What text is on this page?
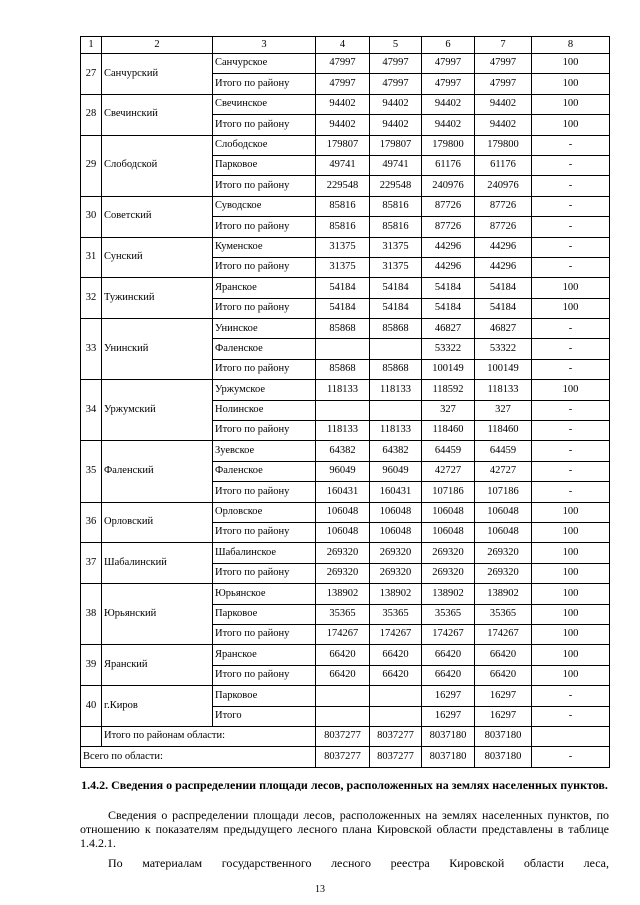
1	2	3	4	5	6	7	8
27	Санчурский	Санчурское	47997	47997	47997	47997	100
		Итого по району	47997	47997	47997	47997	100
28	Свечинский	Свечинское	94402	94402	94402	94402	100
		Итого по району	94402	94402	94402	94402	100
29	Слободской	Слободское	179807	179807	179800	179800	-
		Парковое	49741	49741	61176	61176	-
		Итого по району	229548	229548	240976	240976	-
30	Советский	Суводское	85816	85816	87726	87726	-
		Итого по району	85816	85816	87726	87726	-
31	Сунский	Куменское	31375	31375	44296	44296	-
		Итого по району	31375	31375	44296	44296	-
32	Тужинский	Яранское	54184	54184	54184	54184	100
		Итого по району	54184	54184	54184	54184	100
33	Унинский	Унинское	85868	85868	46827	46827	-
		Фаленское			53322	53322	-
		Итого по району	85868	85868	100149	100149	-
34	Уржумский	Уржумское	118133	118133	118592	118133	100
		Нолинское			327	327	-
		Итого по району	118133	118133	118460	118460	-
35	Фаленский	Зуевское	64382	64382	64459	64459	-
		Фаленское	96049	96049	42727	42727	-
		Итого по району	160431	160431	107186	107186	-
36	Орловский	Орловское	106048	106048	106048	106048	100
		Итого по району	106048	106048	106048	106048	100
37	Шабалинский	Шабалинское	269320	269320	269320	269320	100
		Итого по району	269320	269320	269320	269320	100
38	Юрьянский	Юрьянское	138902	138902	138902	138902	100
		Парковое	35365	35365	35365	35365	100
		Итого по району	174267	174267	174267	174267	100
39	Яранский	Яранское	66420	66420	66420	66420	100
		Итого по району	66420	66420	66420	66420	100
40	г.Киров	Парковое			16297	16297	-
		Итого			16297	16297	-
	Итого по районам области:		8037277	8037277	8037180	8037180	
Всего по области:			8037277	8037277	8037180	8037180	-
1.4.2. Сведения о распределении площади лесов, расположенных на землях населенных пунктов.
Сведения о распределении площади лесов, расположенных на землях населенных пунктов, по отношению к показателям предыдущего лесного плана Кировской области представлены в таблице 1.4.2.1.
По материалам государственного лесного реестра Кировской области леса,
13
